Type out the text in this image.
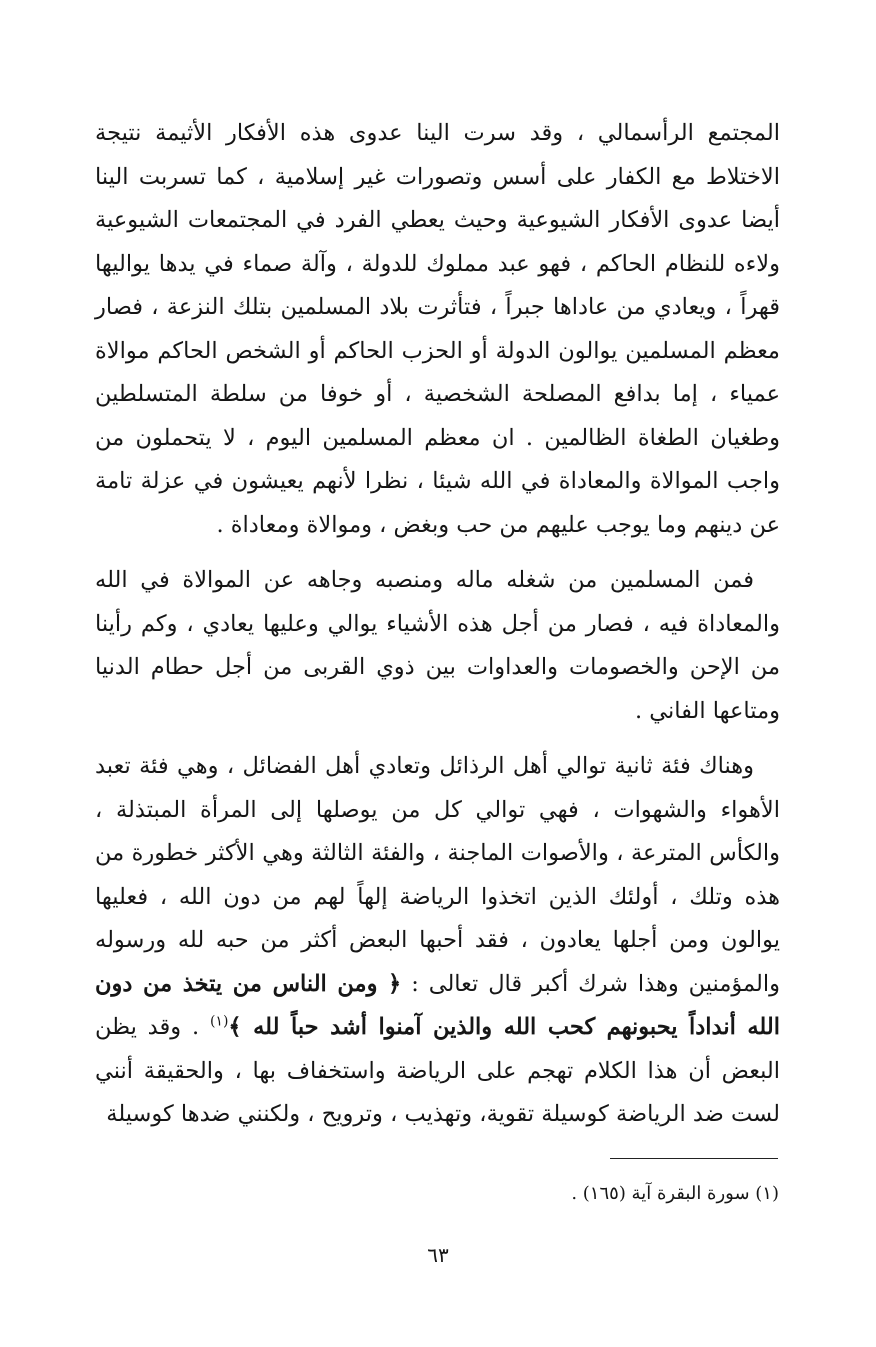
المجتمع الرأسمالي ، وقد سرت الينا عدوى هذه الأفكار الأثيمة نتيجة الاختلاط مع الكفار على أسس وتصورات غير إسلامية ، كما تسربت الينا أيضا عدوى الأفكار الشيوعية وحيث يعطي الفرد في المجتمعات الشيوعية ولاءه للنظام الحاكم ، فهو عبد مملوك للدولة ، وآلة صماء في يدها يواليها قهراً ، ويعادي من عاداها جبراً ، فتأثرت بلاد المسلمين بتلك النزعة ، فصار معظم المسلمين يوالون الدولة أو الحزب الحاكم أو الشخص الحاكم موالاة عمياء ، إما بدافع المصلحة الشخصية ، أو خوفا من سلطة المتسلطين وطغيان الطغاة الظالمين . ان معظم المسلمين اليوم ، لا يتحملون من واجب الموالاة والمعاداة في الله شيئا ، نظرا لأنهم يعيشون في عزلة تامة عن دينهم وما يوجب عليهم من حب وبغض ، وموالاة ومعاداة .

فمن المسلمين من شغله ماله ومنصبه وجاهه عن الموالاة في الله والمعاداة فيه ، فصار من أجل هذه الأشياء يوالي وعليها يعادي ، وكم رأينا من الإحن والخصومات والعداوات بين ذوي القربى من أجل حطام الدنيا ومتاعها الفاني .

وهناك فئة ثانية توالي أهل الرذائل وتعادي أهل الفضائل ، وهي فئة تعبد الأهواء والشهوات ، فهي توالي كل من يوصلها إلى المرأة المبتذلة ، والكأس المترعة ، والأصوات الماجنة ، والفئة الثالثة وهي الأكثر خطورة من هذه وتلك ، أولئك الذين اتخذوا الرياضة إلهاً لهم من دون الله ، فعليها يوالون ومن أجلها يعادون ، فقد أحبها البعض أكثر من حبه لله ورسوله والمؤمنين وهذا شرك أكبر قال تعالى : ﴿ ومن الناس من يتخذ من دون الله أنداداً يحبونهم كحب الله والذين آمنوا أشد حباً لله ﴾$^{(١)}$ . وقد يظن البعض أن هذا الكلام تهجم على الرياضة واستخفاف بها ، والحقيقة أنني لست ضد الرياضة كوسيلة تقوية، وتهذيب ، وترويح ، ولكنني ضدها كوسيلة

(١) سورة البقرة آية (١٦٥) .

٦٣
